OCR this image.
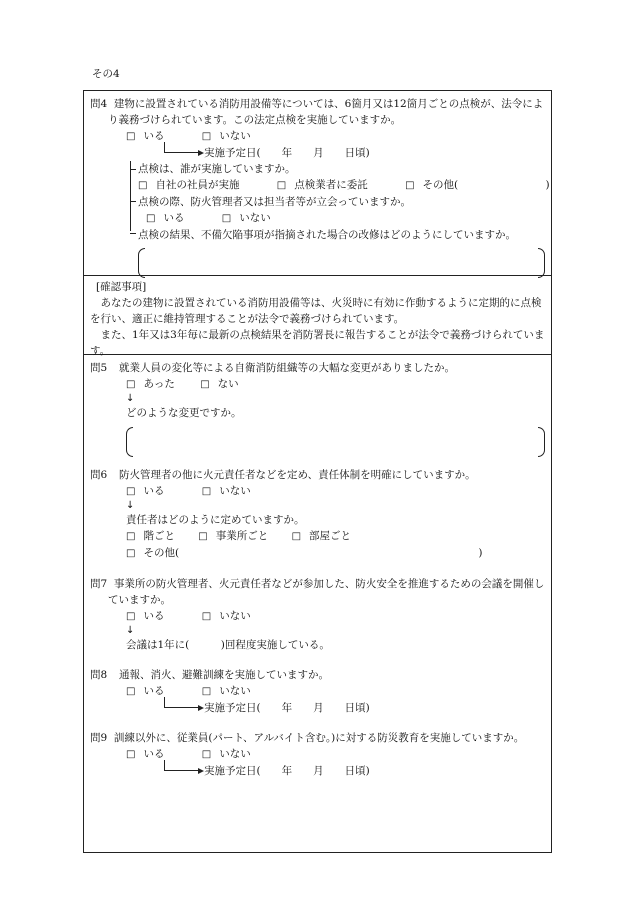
その4
問4 建物に設置されている消防用設備等については、6箇月又は12箇月ごとの点検が、法令により義務づけられています。この法定点検を実施していますか。
□ いる	□ いない
実施予定日(　　年　　月　　日頃)
点検は、誰が実施していますか。
□ 自社の社員が実施	□ 点検業者に委託	□ その他(	)
点検の際、防火管理者又は担当者等が立会っていますか。
□ いる	□ いない
点検の結果、不備欠陥事項が指摘された場合の改修はどのようにしていますか。
[確認事項]
あなたの建物に設置されている消防用設備等は、火災時に有効に作動するように定期的に点検を行い、適正に維持管理することが法令で義務づけられています。
また、1年又は3年毎に最新の点検結果を消防署長に報告することが法令で義務づけられています。
問5	就業人員の変化等による自衛消防組織等の大幅な変更がありましたか。
□ あった	□ ない
↓
どのような変更ですか。
問6	防火管理者の他に火元責任者などを定め、責任体制を明確にしていますか。
□ いる	□ いない
↓
責任者はどのように定めていますか。
□ 階ごと □ 事業所ごと □ 部屋ごと
□ その他(	)
問7 事業所の防火管理者、火元責任者などが参加した、防火安全を推進するための会議を開催していますか。
□ いる	□ いない
↓
会議は1年に(　　　)回程度実施している。
問8	通報、消火、避難訓練を実施していますか。
□ いる	□ いない
実施予定日(　　年　　月　　日頃)
問9 訓練以外に、従業員(パート、アルバイト含む。)に対する防災教育を実施していますか。
□ いる	□ いない
実施予定日(　　年　　月　　日頃)
